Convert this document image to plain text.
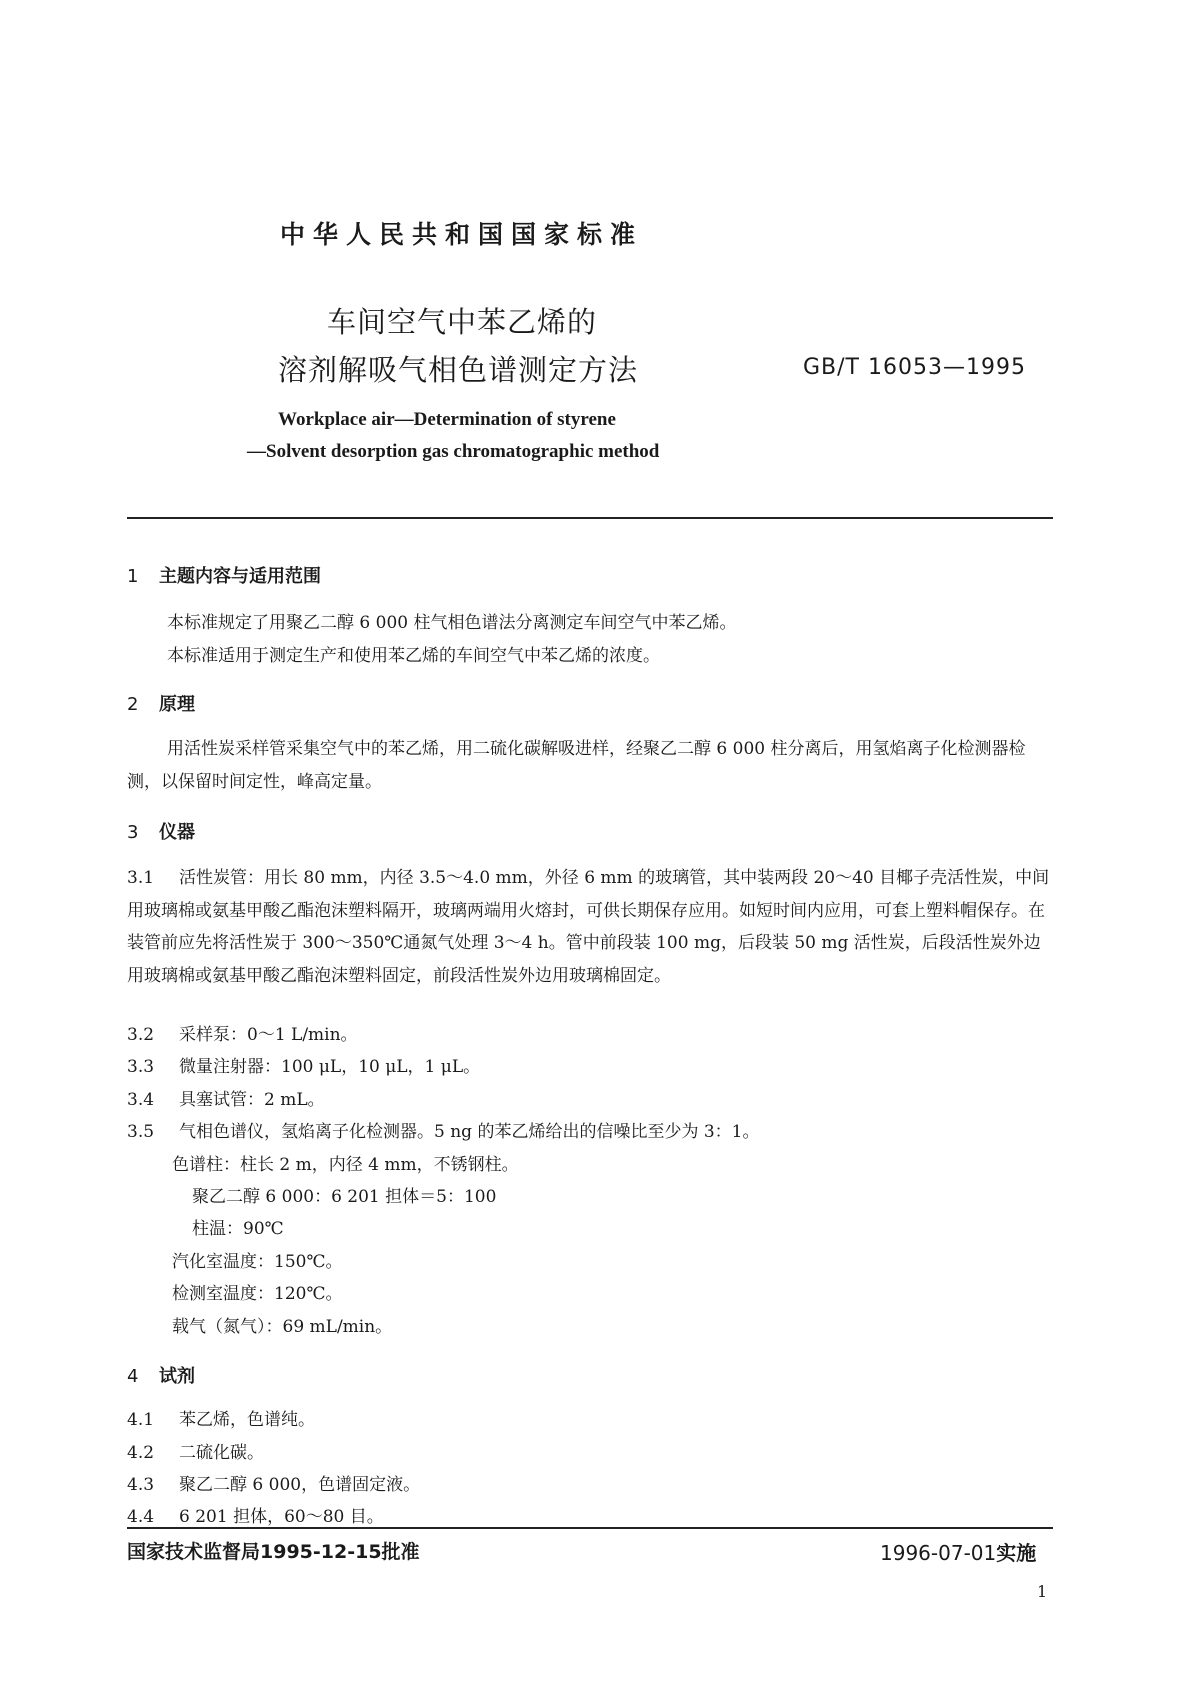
中华人民共和国国家标准
车间空气中苯乙烯的
溶剂解吸气相色谱测定方法	GB/T 16053—1995
Workplace air—Determination of styrene
—Solvent desorption gas chromatographic method
1 主题内容与适用范围
本标准规定了用聚乙二醇 6 000 柱气相色谱法分离测定车间空气中苯乙烯。
本标准适用于测定生产和使用苯乙烯的车间空气中苯乙烯的浓度。
2 原理
用活性炭采样管采集空气中的苯乙烯，用二硫化碳解吸进样，经聚乙二醇 6 000 柱分离后，用氢焰离子化检测器检测，以保留时间定性，峰高定量。
3 仪器
3.1 活性炭管：用长 80 mm，内径 3.5～4.0 mm，外径 6 mm 的玻璃管，其中装两段 20～40 目椰子壳活性炭，中间用玻璃棉或氨基甲酸乙酯泡沫塑料隔开，玻璃两端用火熔封，可供长期保存应用。如短时间内应用，可套上塑料帽保存。在装管前应先将活性炭于 300～350℃通氮气处理 3～4 h。管中前段装 100 mg，后段装 50 mg 活性炭，后段活性炭外边用玻璃棉或氨基甲酸乙酯泡沫塑料固定，前段活性炭外边用玻璃棉固定。
3.2 采样泵：0～1 L/min。
3.3 微量注射器：100 μL，10 μL，1 μL。
3.4 具塞试管：2 mL。
3.5 气相色谱仪，氢焰离子化检测器。5 ng 的苯乙烯给出的信噪比至少为 3：1。
色谱柱：柱长 2 m，内径 4 mm，不锈钢柱。
聚乙二醇 6 000：6 201 担体＝5：100
柱温：90℃
汽化室温度：150℃。
检测室温度：120℃。
载气（氮气）：69 mL/min。
4 试剂
4.1 苯乙烯，色谱纯。
4.2 二硫化碳。
4.3 聚乙二醇 6 000，色谱固定液。
4.4 6 201 担体，60～80 目。
国家技术监督局1995-12-15批准	1996-07-01实施
1
